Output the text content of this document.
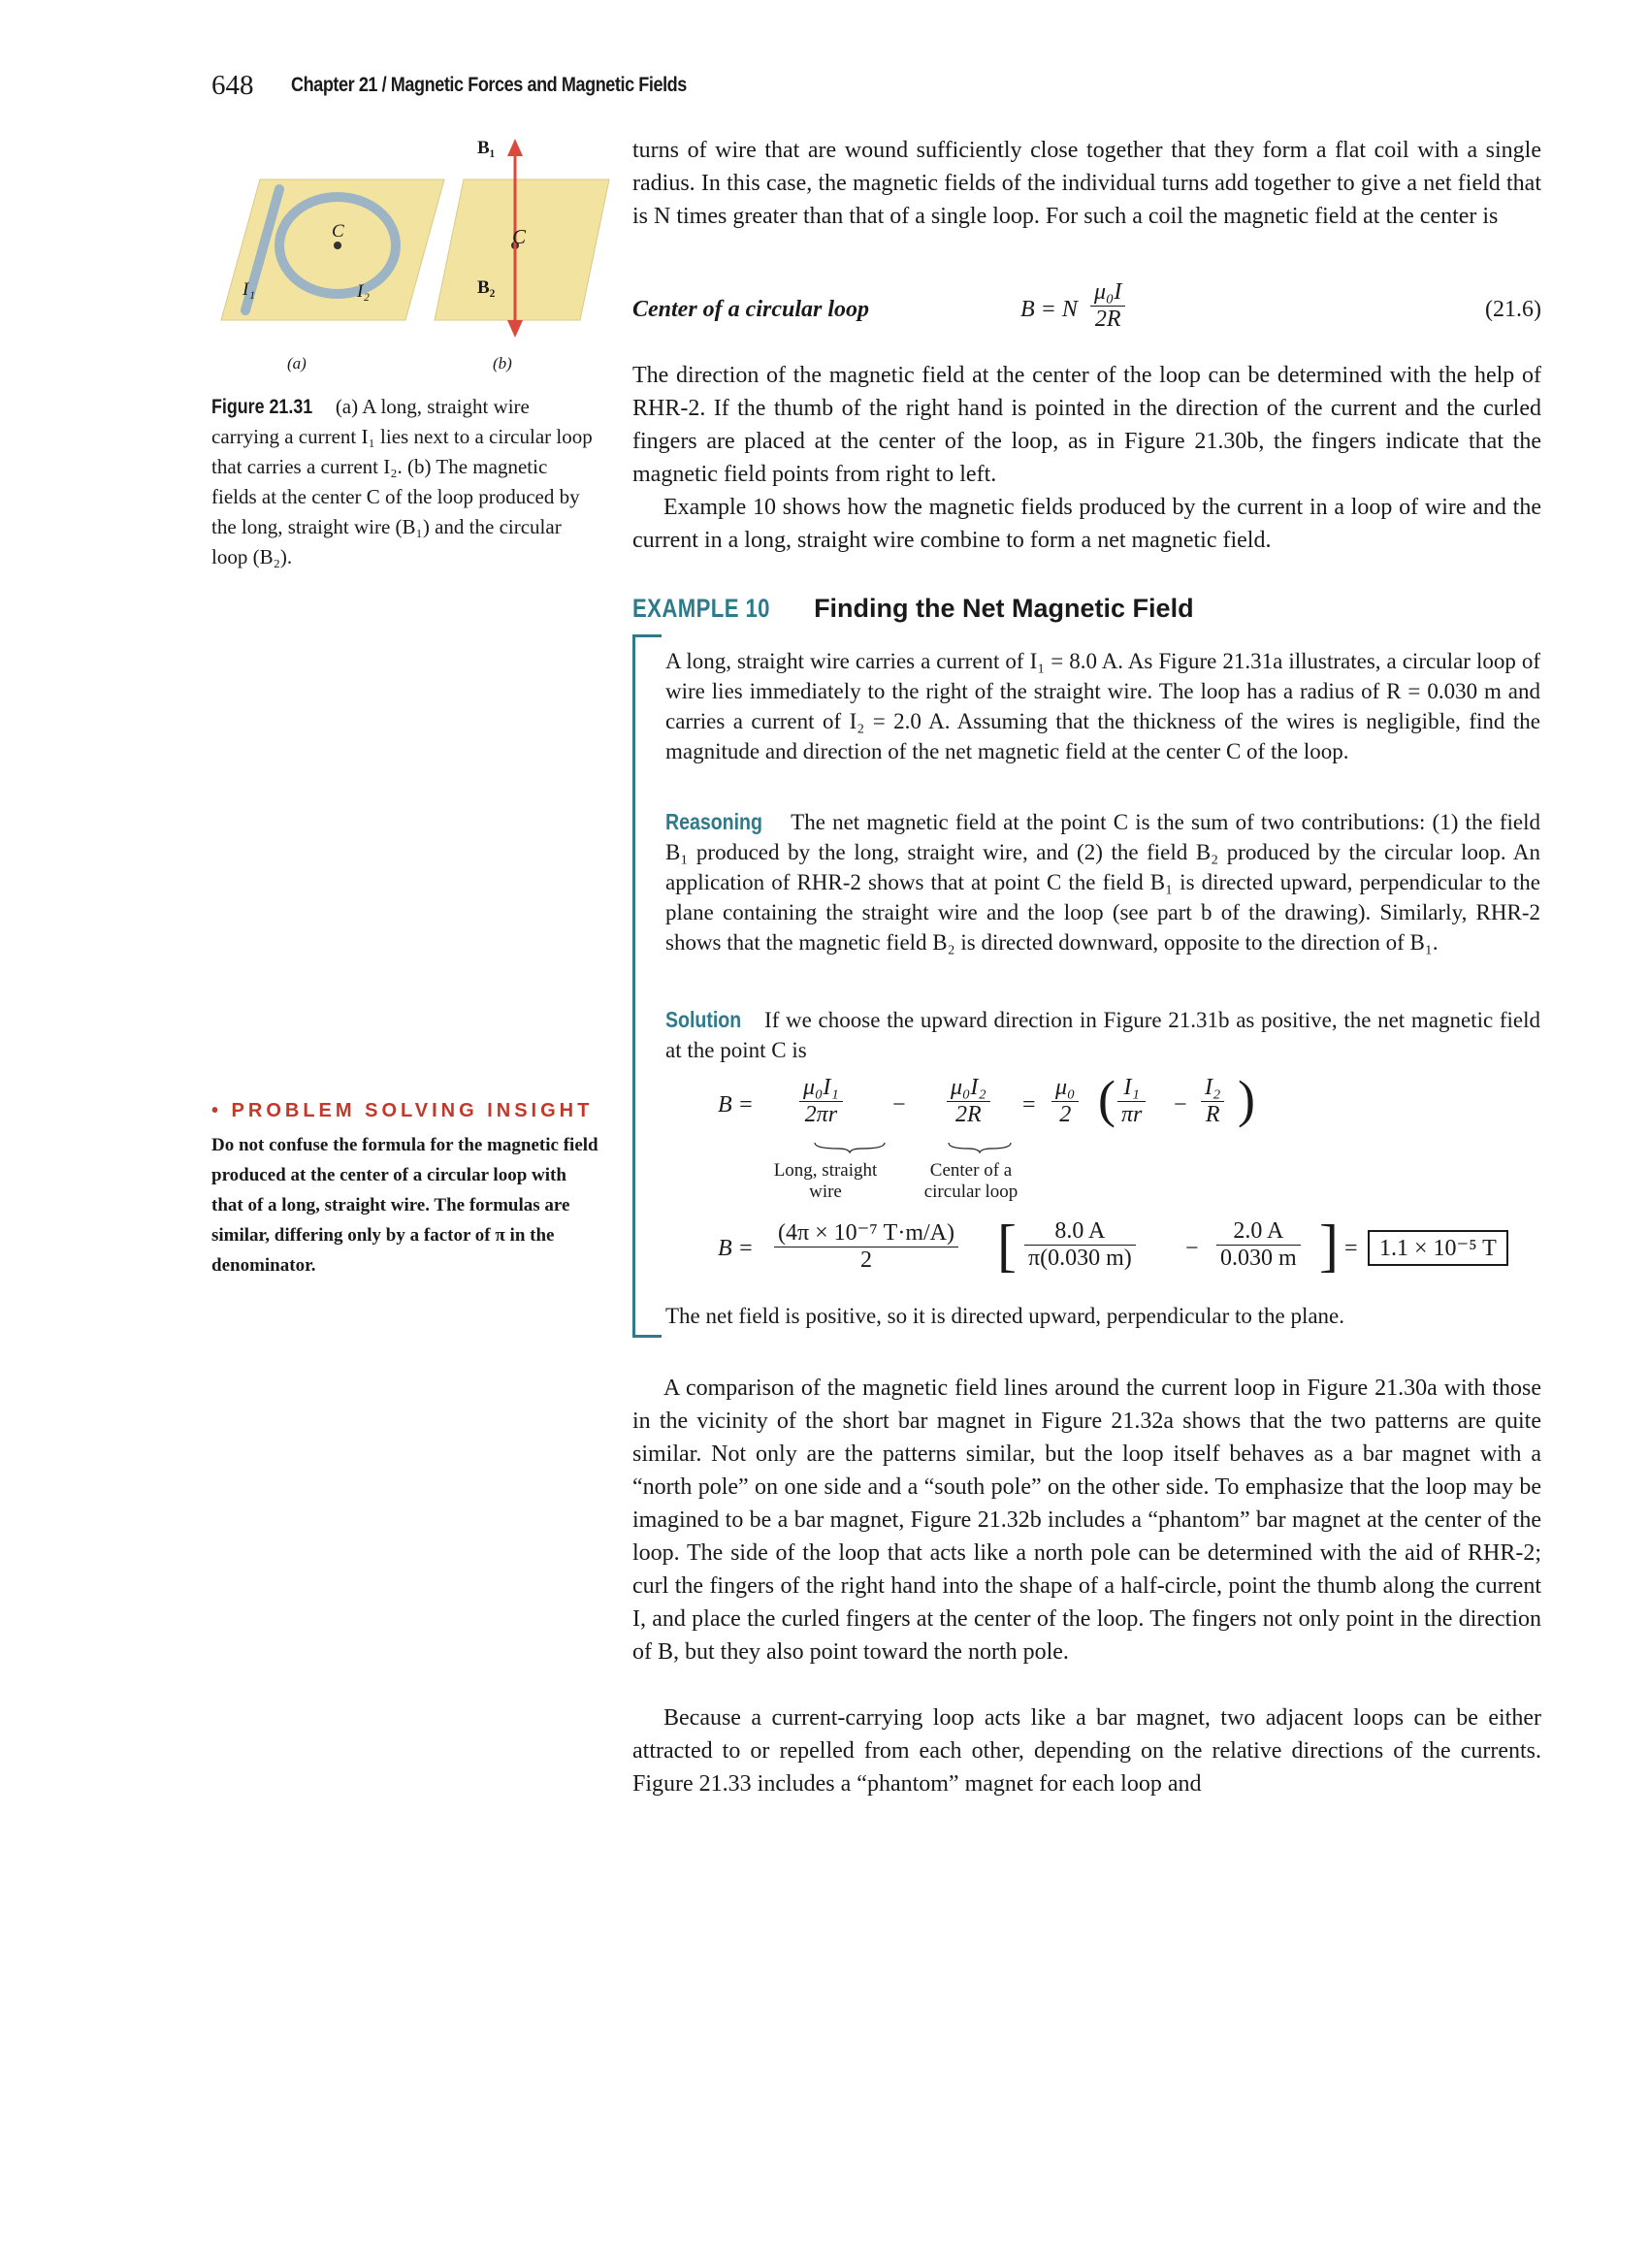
648 Chapter 21 / Magnetic Forces and Magnetic Fields
I₁	I₂
C	C
B₁
B₂
(a)	(b)
Figure 21.31 (a) A long, straight wire carrying a current I₁ lies next to a circular loop that carries a current I₂. (b) The magnetic fields at the center C of the loop produced by the long, straight wire (B₁) and the circular loop (B₂).
turns of wire that are wound sufficiently close together that they form a flat coil with a single radius. In this case, the magnetic fields of the individual turns add together to give a net field that is N times greater than that of a single loop. For such a coil the magnetic field at the center is
Center of a circular loop	B = N $\frac{\text{μ₀I}}{2R}$	(21.6)
The direction of the magnetic field at the center of the loop can be determined with the help of RHR-2. If the thumb of the right hand is pointed in the direction of the current and the curled fingers are placed at the center of the loop, as in Figure 21.30b, the fingers indicate that the magnetic field points from right to left.
Example 10 shows how the magnetic fields produced by the current in a loop of wire and the current in a long, straight wire combine to form a net magnetic field.
EXAMPLE 10 Finding the Net Magnetic Field
A long, straight wire carries a current of I₁ = 8.0 A. As Figure 21.31a illustrates, a circular loop of wire lies immediately to the right of the straight wire. The loop has a radius of R = 0.030 m and carries a current of I₂ = 2.0 A. Assuming that the thickness of the wires is negligible, find the magnitude and direction of the net magnetic field at the center C of the loop.
Reasoning The net magnetic field at the point C is the sum of two contributions: (1) the field B₁ produced by the long, straight wire, and (2) the field B₂ produced by the circular loop. An application of RHR-2 shows that at point C the field B₁ is directed upward, perpendicular to the plane containing the straight wire and the loop (see part b of the drawing). Similarly, RHR-2 shows that the magnetic field B₂ is directed downward, opposite to the direction of B₁.
Solution If we choose the upward direction in Figure 21.31b as positive, the net magnetic field at the point C is
$B = \frac{\text{μ₀I₁}}{2\pi r} - \frac{\text{μ₀I₂}}{2R} = \frac{\text{μ₀}}{2}$ ( $\frac{\text{I₁}}{\pi r} - \frac{\text{I₂}}{R}$ )
Long, straight wire
Center of a circular loop
$B = \frac{\text{(4π × 10⁻⁷ T·m/A)}}{2}$ [ $\frac{8.0 A}{\pi(0.030 m)} - \frac{2.0 A}{0.030 m}$ ] = 1.1 × 10⁻⁵ T
The net field is positive, so it is directed upward, perpendicular to the plane.
• PROBLEM SOLVING INSIGHT
Do not confuse the formula for the magnetic field produced at the center of a circular loop with that of a long, straight wire. The formulas are similar, differing only by a factor of π in the denominator.
A comparison of the magnetic field lines around the current loop in Figure 21.30a with those in the vicinity of the short bar magnet in Figure 21.32a shows that the two patterns are quite similar. Not only are the patterns similar, but the loop itself behaves as a bar magnet with a “north pole” on one side and a “south pole” on the other side. To emphasize that the loop may be imagined to be a bar magnet, Figure 21.32b includes a “phantom” bar magnet at the center of the loop. The side of the loop that acts like a north pole can be determined with the aid of RHR-2; curl the fingers of the right hand into the shape of a half-circle, point the thumb along the current I, and place the curled fingers at the center of the loop. The fingers not only point in the direction of B, but they also point toward the north pole.
Because a current-carrying loop acts like a bar magnet, two adjacent loops can be either attracted to or repelled from each other, depending on the relative directions of the currents. Figure 21.33 includes a “phantom” magnet for each loop and
